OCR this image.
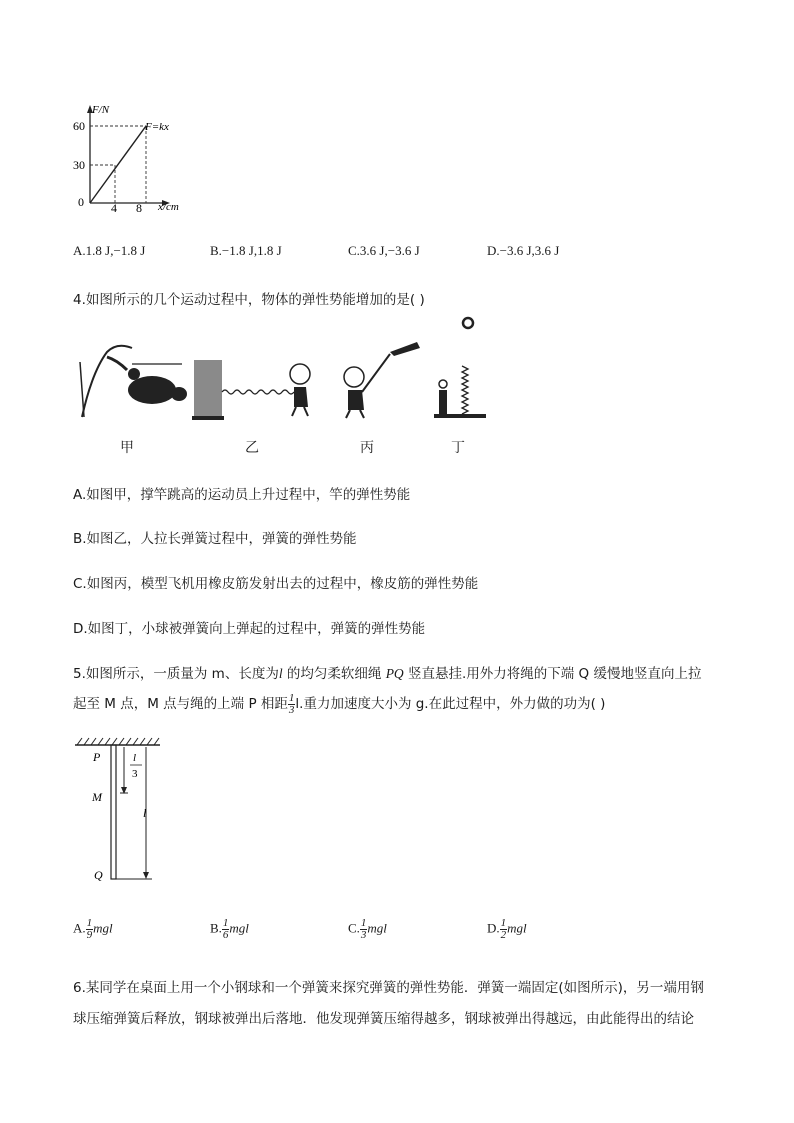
F/N
F=kx
60
30
0 4 8 x/cm
A.1.8 J,−1.8 J	B.−1.8 J,1.8 J	C.3.6 J,−3.6 J	D.−3.6 J,3.6 J
4.如图所示的几个运动过程中，物体的弹性势能增加的是( )
甲	乙	丙	丁
A.如图甲，撑竿跳高的运动员上升过程中，竿的弹性势能
B.如图乙，人拉长弹簧过程中，弹簧的弹性势能
C.如图丙，模型飞机用橡皮筋发射出去的过程中，橡皮筋的弹性势能
D.如图丁，小球被弹簧向上弹起的过程中，弹簧的弹性势能
5.如图所示，一质量为 m、长度为l 的均匀柔软细绳 PQ 竖直悬挂.用外力将绳的下端 Q 缓慢地竖直向上拉
起至 M 点，M 点与绳的上端 P 相距 $\frac{1}{3} l$.重力加速度大小为 g.在此过程中，外力做的功为( )
P
M
Q
l
3
l
A. $\frac{1}{9}$ mgl	B. $\frac{1}{6}$ mgl	C. $\frac{1}{3}$ mgl	D. $\frac{1}{2}$ mgl
6.某同学在桌面上用一个小钢球和一个弹簧来探究弹簧的弹性势能．弹簧一端固定(如图所示)，另一端用钢
球压缩弹簧后释放，钢球被弹出后落地．他发现弹簧压缩得越多，钢球被弹出得越远，由此能得出的结论
